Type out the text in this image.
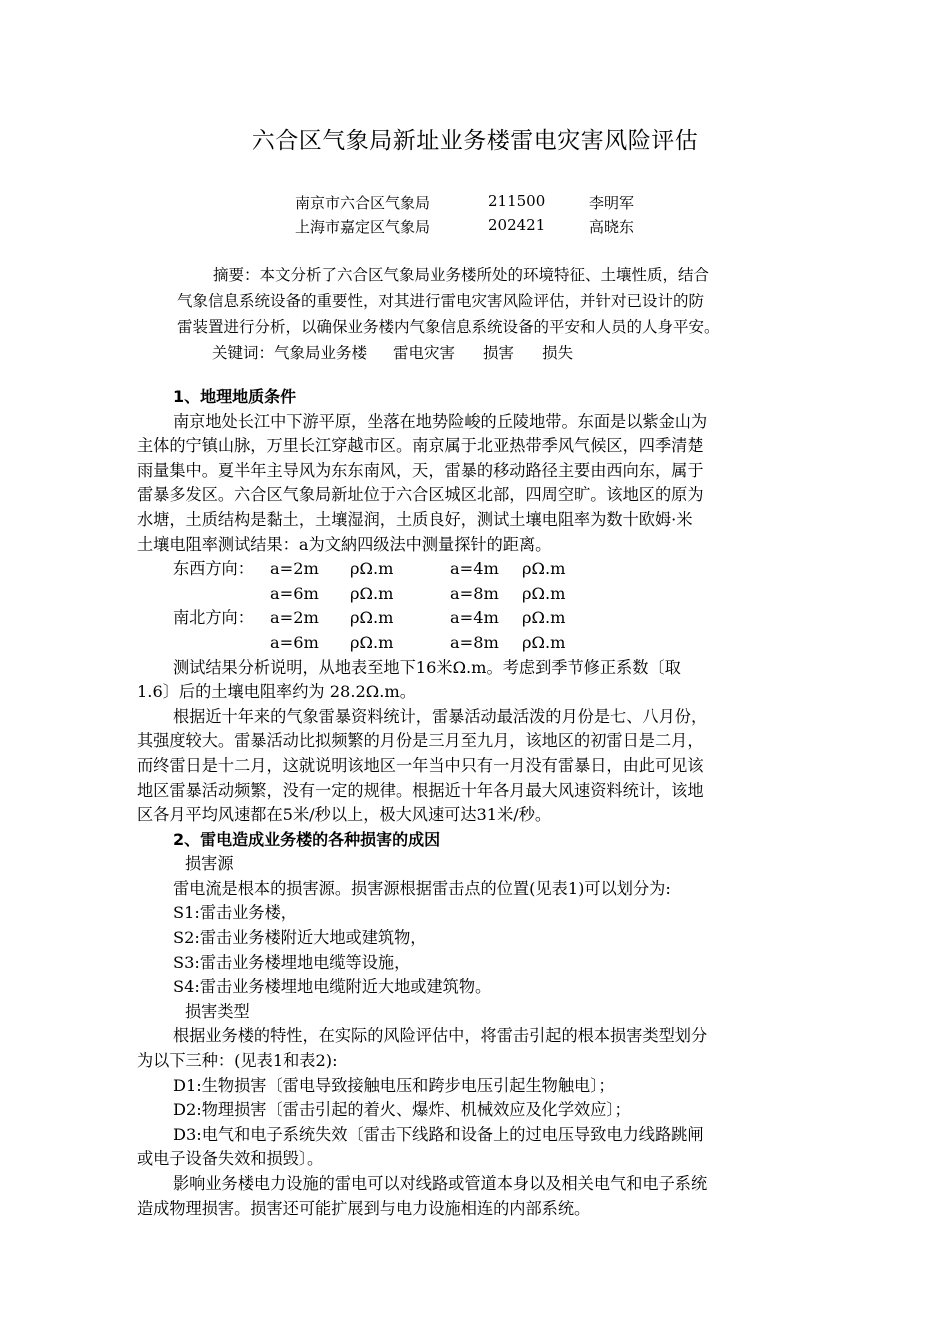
六合区气象局新址业务楼雷电灾害风险评估
南京市六合区气象局	211500	李明军
上海市嘉定区气象局	202421	高晓东

摘要：本文分析了六合区气象局业务楼所处的环境特征、土壤性质，结合

气象信息系统设备的重要性，对其进行雷电灾害风险评估，并针对已设计的防

雷装置进行分析，以确保业务楼内气象信息系统设备的平安和人员的人身平安。

关键词：气象局业务楼 雷电灾害 损害 损失

1、地理地质条件

南京地处长江中下游平原，坐落在地势险峻的丘陵地带。东面是以紫金山为

主体的宁镇山脉，万里长江穿越市区。南京属于北亚热带季风气候区，四季清楚

雨量集中。夏半年主导风为东东南风，天，雷暴的移动路径主要由西向东，属于

雷暴多发区。六合区气象局新址位于六合区城区北部，四周空旷。该地区的原为

水塘，土质结构是黏土，土壤湿润，土质良好，测试土壤电阻率为数十欧姆·米

土壤电阻率测试结果：a为文納四级法中测量探针的距离。

东西方向： a=2m ρΩ.m	a=4m ρΩ.m
a=6m ρΩ.m	a=8m ρΩ.m
南北方向： a=2m ρΩ.m	a=4m ρΩ.m
a=6m ρΩ.m	a=8m ρΩ.m

测试结果分析说明，从地表至地下16米Ω.m。考虑到季节修正系数〔取

1.6〕后的土壤电阻率约为 28.2Ω.m。

根据近十年来的气象雷暴资料统计，雷暴活动最活泼的月份是七、八月份，

其强度较大。雷暴活动比拟频繁的月份是三月至九月，该地区的初雷日是二月，

而终雷日是十二月，这就说明该地区一年当中只有一月没有雷暴日，由此可见该

地区雷暴活动频繁，没有一定的规律。根据近十年各月最大风速资料统计，该地

区各月平均风速都在5米/秒以上，极大风速可达31米/秒。

2、雷电造成业务楼的各种损害的成因

损害源

雷电流是根本的损害源。损害源根据雷击点的位置(见表1)可以划分为:

S1:雷击业务楼，

S2:雷击业务楼附近大地或建筑物，

S3:雷击业务楼埋地电缆等设施，

S4:雷击业务楼埋地电缆附近大地或建筑物。

损害类型

根据业务楼的特性，在实际的风险评估中，将雷击引起的根本损害类型划分

为以下三种：(见表1和表2):

D1:生物损害〔雷电导致接触电压和跨步电压引起生物触电〕；

D2:物理损害〔雷击引起的着火、爆炸、机械效应及化学效应〕；

D3:电气和电子系统失效〔雷击下线路和设备上的过电压导致电力线路跳闸

或电子设备失效和损毁〕。

影响业务楼电力设施的雷电可以对线路或管道本身以及相关电气和电子系统

造成物理损害。损害还可能扩展到与电力设施相连的内部系统。
